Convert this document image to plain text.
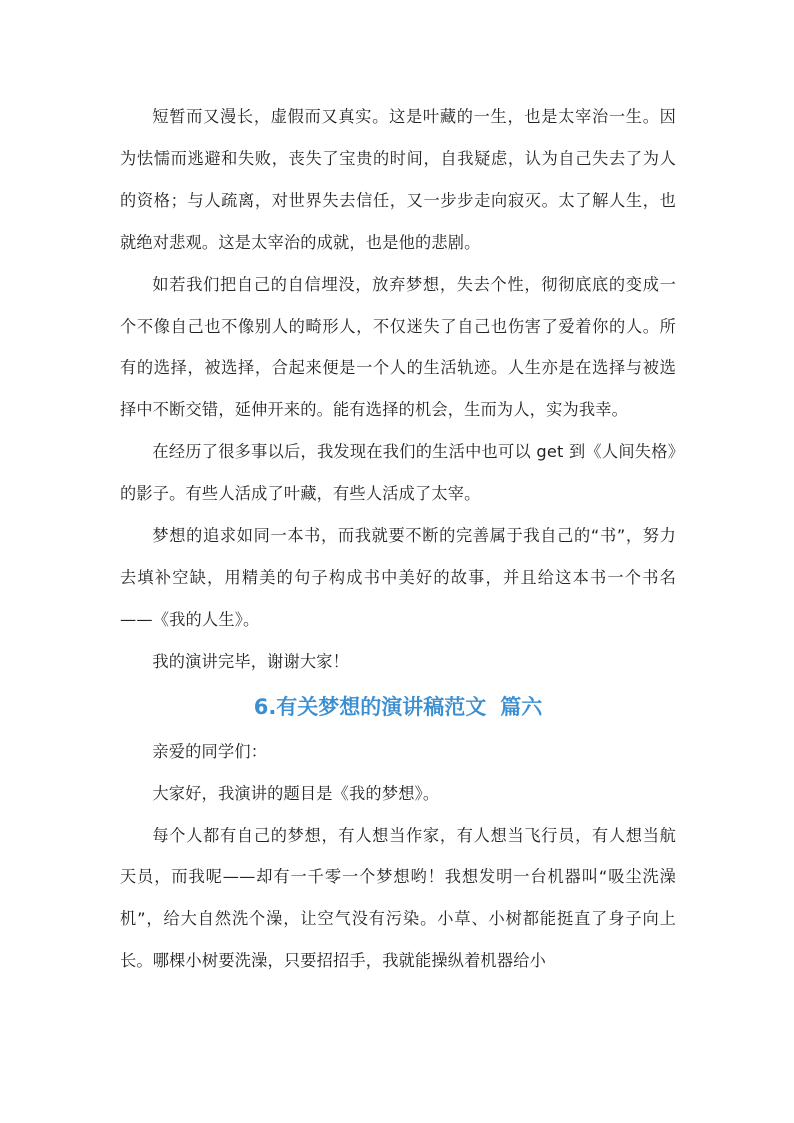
短暂而又漫长，虚假而又真实。这是叶藏的一生，也是太宰治一生。因为怯懦而逃避和失败，丧失了宝贵的时间，自我疑虑，认为自己失去了为人的资格；与人疏离，对世界失去信任，又一步步走向寂灭。太了解人生，也就绝对悲观。这是太宰治的成就，也是他的悲剧。

如若我们把自己的自信埋没，放弃梦想，失去个性，彻彻底底的变成一个不像自己也不像别人的畸形人，不仅迷失了自己也伤害了爱着你的人。所有的选择，被选择，合起来便是一个人的生活轨迹。人生亦是在选择与被选择中不断交错，延伸开来的。能有选择的机会，生而为人，实为我幸。

在经历了很多事以后，我发现在我们的生活中也可以 get 到《人间失格》的影子。有些人活成了叶藏，有些人活成了太宰。

梦想的追求如同一本书，而我就要不断的完善属于我自己的“书”，努力去填补空缺，用精美的句子构成书中美好的故事，并且给这本书一个书名——《我的人生》。

我的演讲完毕，谢谢大家！

6.有关梦想的演讲稿范文 篇六

亲爱的同学们：

大家好，我演讲的题目是《我的梦想》。

每个人都有自己的梦想，有人想当作家，有人想当飞行员，有人想当航天员，而我呢——却有一千零一个梦想哟！我想发明一台机器叫“吸尘洗澡机”，给大自然洗个澡，让空气没有污染。小草、小树都能挺直了身子向上长。哪棵小树要洗澡，只要招招手，我就能操纵着机器给小
